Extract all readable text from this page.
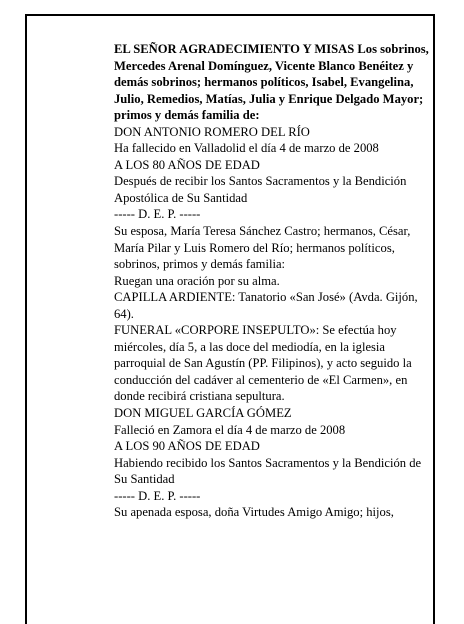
EL SEÑOR AGRADECIMIENTO Y MISAS Los sobrinos, Mercedes Arenal Domínguez, Vicente Blanco Benéitez y demás sobrinos; hermanos políticos, Isabel, Evangelina, Julio, Remedios, Matías, Julia y Enrique Delgado Mayor; primos y demás familia de:

DON ANTONIO ROMERO DEL RÍO

Ha fallecido en Valladolid el día 4 de marzo de 2008

A LOS 80 AÑOS DE EDAD

Después de recibir los Santos Sacramentos y la Bendición Apostólica de Su Santidad

----- D. E. P. -----

Su esposa, María Teresa Sánchez Castro; hermanos, César, María Pilar y Luis Romero del Río; hermanos políticos, sobrinos, primos y demás familia:

Ruegan una oración por su alma.

CAPILLA ARDIENTE: Tanatorio «San José» (Avda. Gijón, 64).

FUNERAL «CORPORE INSEPULTO»: Se efectúa hoy miércoles, día 5, a las doce del mediodía, en la iglesia parroquial de San Agustín (PP. Filipinos), y acto seguido la conducción del cadáver al cementerio de «El Carmen», en donde recibirá cristiana sepultura.

DON MIGUEL GARCÍA GÓMEZ

Falleció en Zamora el día 4 de marzo de 2008

A LOS 90 AÑOS DE EDAD

Habiendo recibido los Santos Sacramentos y la Bendición de Su Santidad

----- D. E. P. -----

Su apenada esposa, doña Virtudes Amigo Amigo; hijos,
